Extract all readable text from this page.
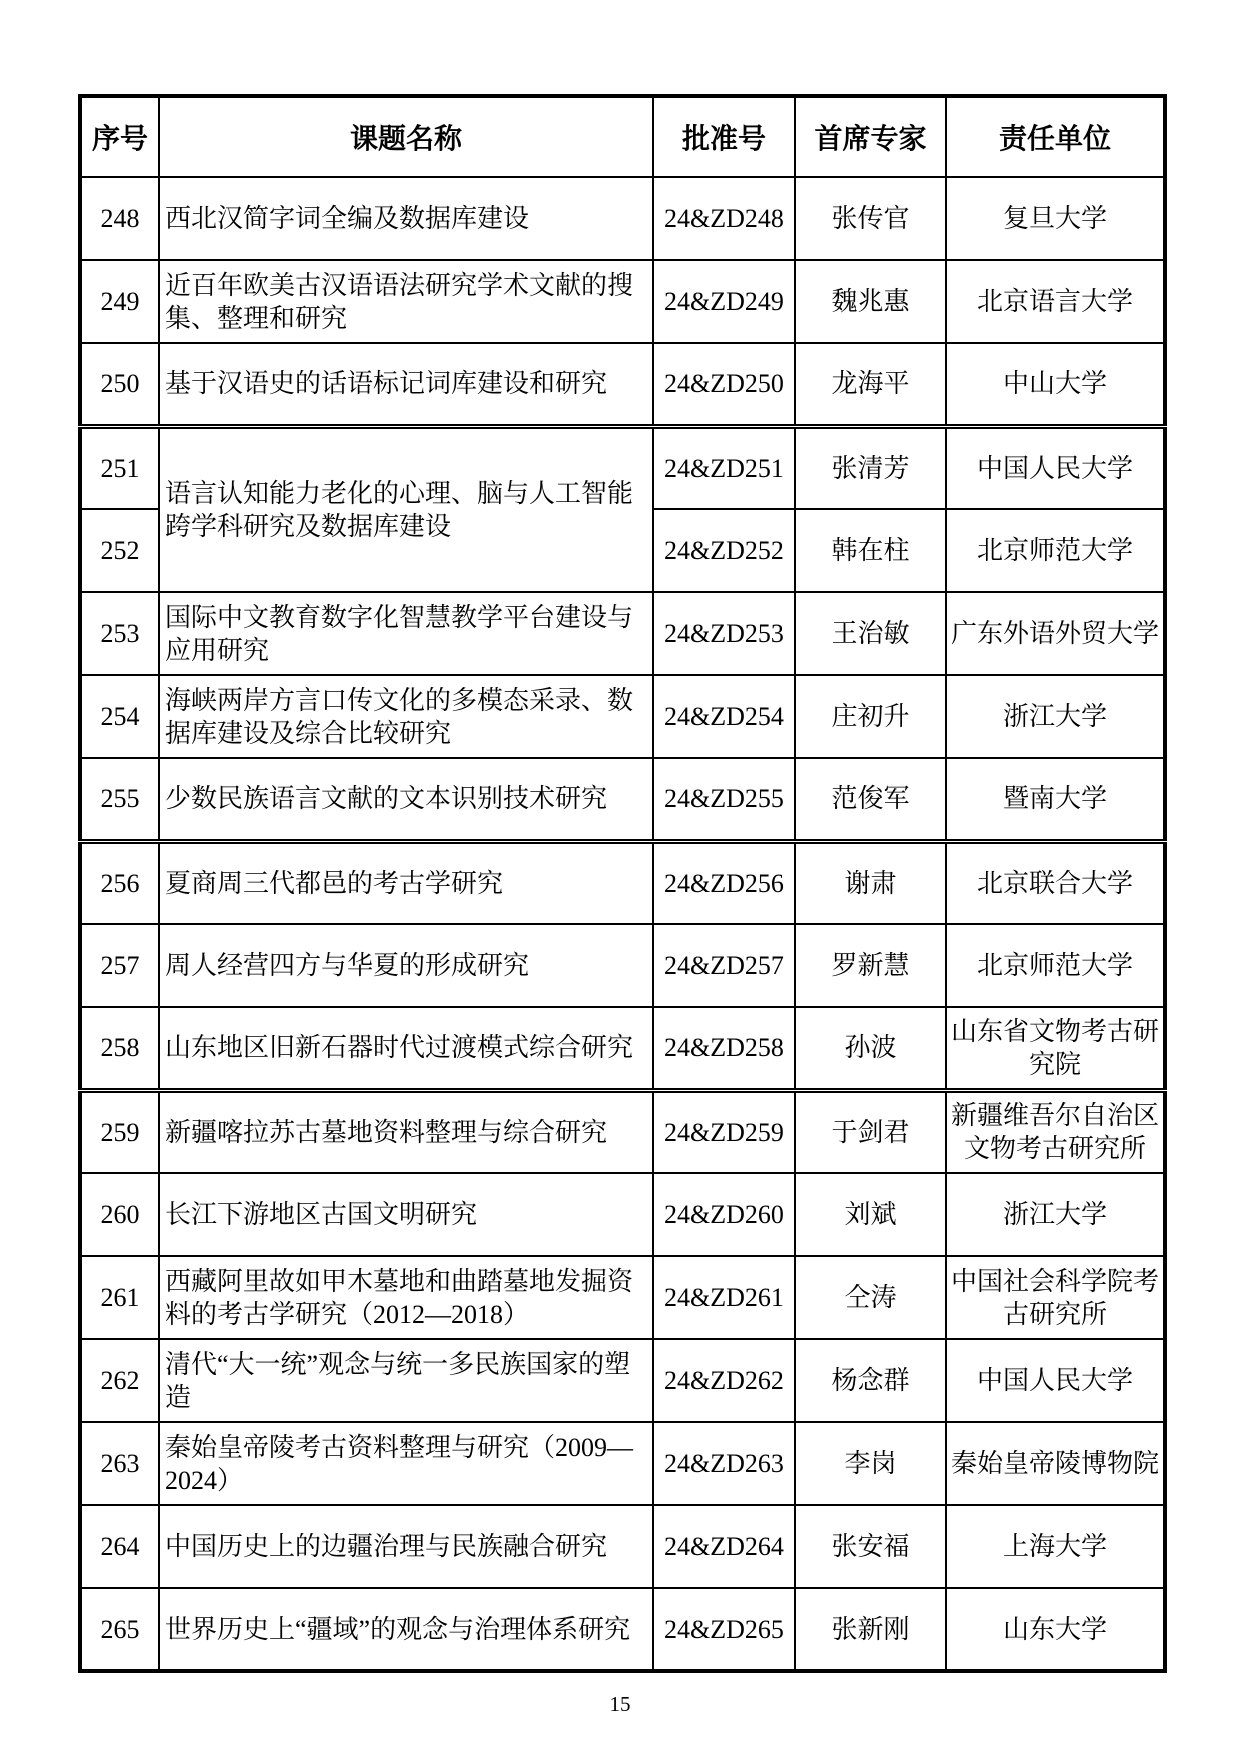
序号	课题名称	批准号	首席专家	责任单位
248	西北汉简字词全编及数据库建设	24&ZD248	张传官	复旦大学
249	近百年欧美古汉语语法研究学术文献的搜集、整理和研究	24&ZD249	魏兆惠	北京语言大学
250	基于汉语史的话语标记词库建设和研究	24&ZD250	龙海平	中山大学
251	语言认知能力老化的心理、脑与人工智能跨学科研究及数据库建设	24&ZD251	张清芳	中国人民大学
252		24&ZD252	韩在柱	北京师范大学
253	国际中文教育数字化智慧教学平台建设与应用研究	24&ZD253	王治敏	广东外语外贸大学
254	海峡两岸方言口传文化的多模态采录、数据库建设及综合比较研究	24&ZD254	庄初升	浙江大学
255	少数民族语言文献的文本识别技术研究	24&ZD255	范俊军	暨南大学
256	夏商周三代都邑的考古学研究	24&ZD256	谢肃	北京联合大学
257	周人经营四方与华夏的形成研究	24&ZD257	罗新慧	北京师范大学
258	山东地区旧新石器时代过渡模式综合研究	24&ZD258	孙波	山东省文物考古研究院
259	新疆喀拉苏古墓地资料整理与综合研究	24&ZD259	于剑君	新疆维吾尔自治区文物考古研究所
260	长江下游地区古国文明研究	24&ZD260	刘斌	浙江大学
261	西藏阿里故如甲木墓地和曲踏墓地发掘资料的考古学研究（2012—2018）	24&ZD261	仝涛	中国社会科学院考古研究所
262	清代“大一统”观念与统一多民族国家的塑造	24&ZD262	杨念群	中国人民大学
263	秦始皇帝陵考古资料整理与研究（2009—2024）	24&ZD263	李岗	秦始皇帝陵博物院
264	中国历史上的边疆治理与民族融合研究	24&ZD264	张安福	上海大学
265	世界历史上“疆域”的观念与治理体系研究	24&ZD265	张新刚	山东大学
15
